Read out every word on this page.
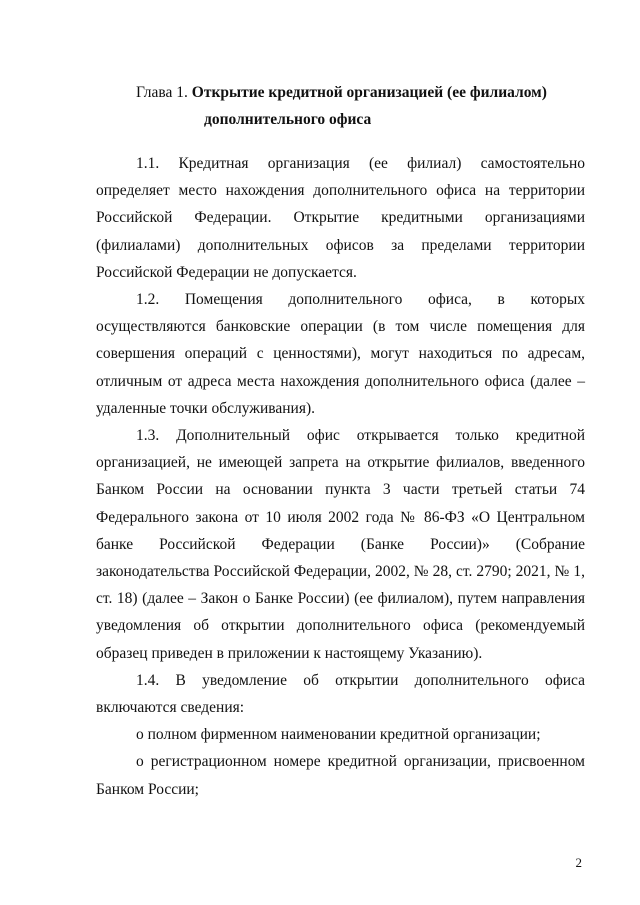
Глава 1. Открытие кредитной организацией (ее филиалом)
дополнительного офиса

1.1. Кредитная организация (ее филиал) самостоятельно определяет место нахождения дополнительного офиса на территории Российской Федерации. Открытие кредитными организациями (филиалами) дополнительных офисов за пределами территории Российской Федерации не допускается.

1.2. Помещения дополнительного офиса, в которых осуществляются банковские операции (в том числе помещения для совершения операций с ценностями), могут находиться по адресам, отличным от адреса места нахождения дополнительного офиса (далее – удаленные точки обслуживания).

1.3. Дополнительный офис открывается только кредитной организацией, не имеющей запрета на открытие филиалов, введенного Банком России на основании пункта 3 части третьей статьи 74 Федерального закона от 10 июля 2002 года № 86-ФЗ «О Центральном банке Российской Федерации (Банке России)» (Собрание законодательства Российской Федерации, 2002, № 28, ст. 2790; 2021, № 1, ст. 18) (далее – Закон о Банке России) (ее филиалом), путем направления уведомления об открытии дополнительного офиса (рекомендуемый образец приведен в приложении к настоящему Указанию).

1.4. В уведомление об открытии дополнительного офиса включаются сведения:

о полном фирменном наименовании кредитной организации;

о регистрационном номере кредитной организации, присвоенном Банком России;

2
